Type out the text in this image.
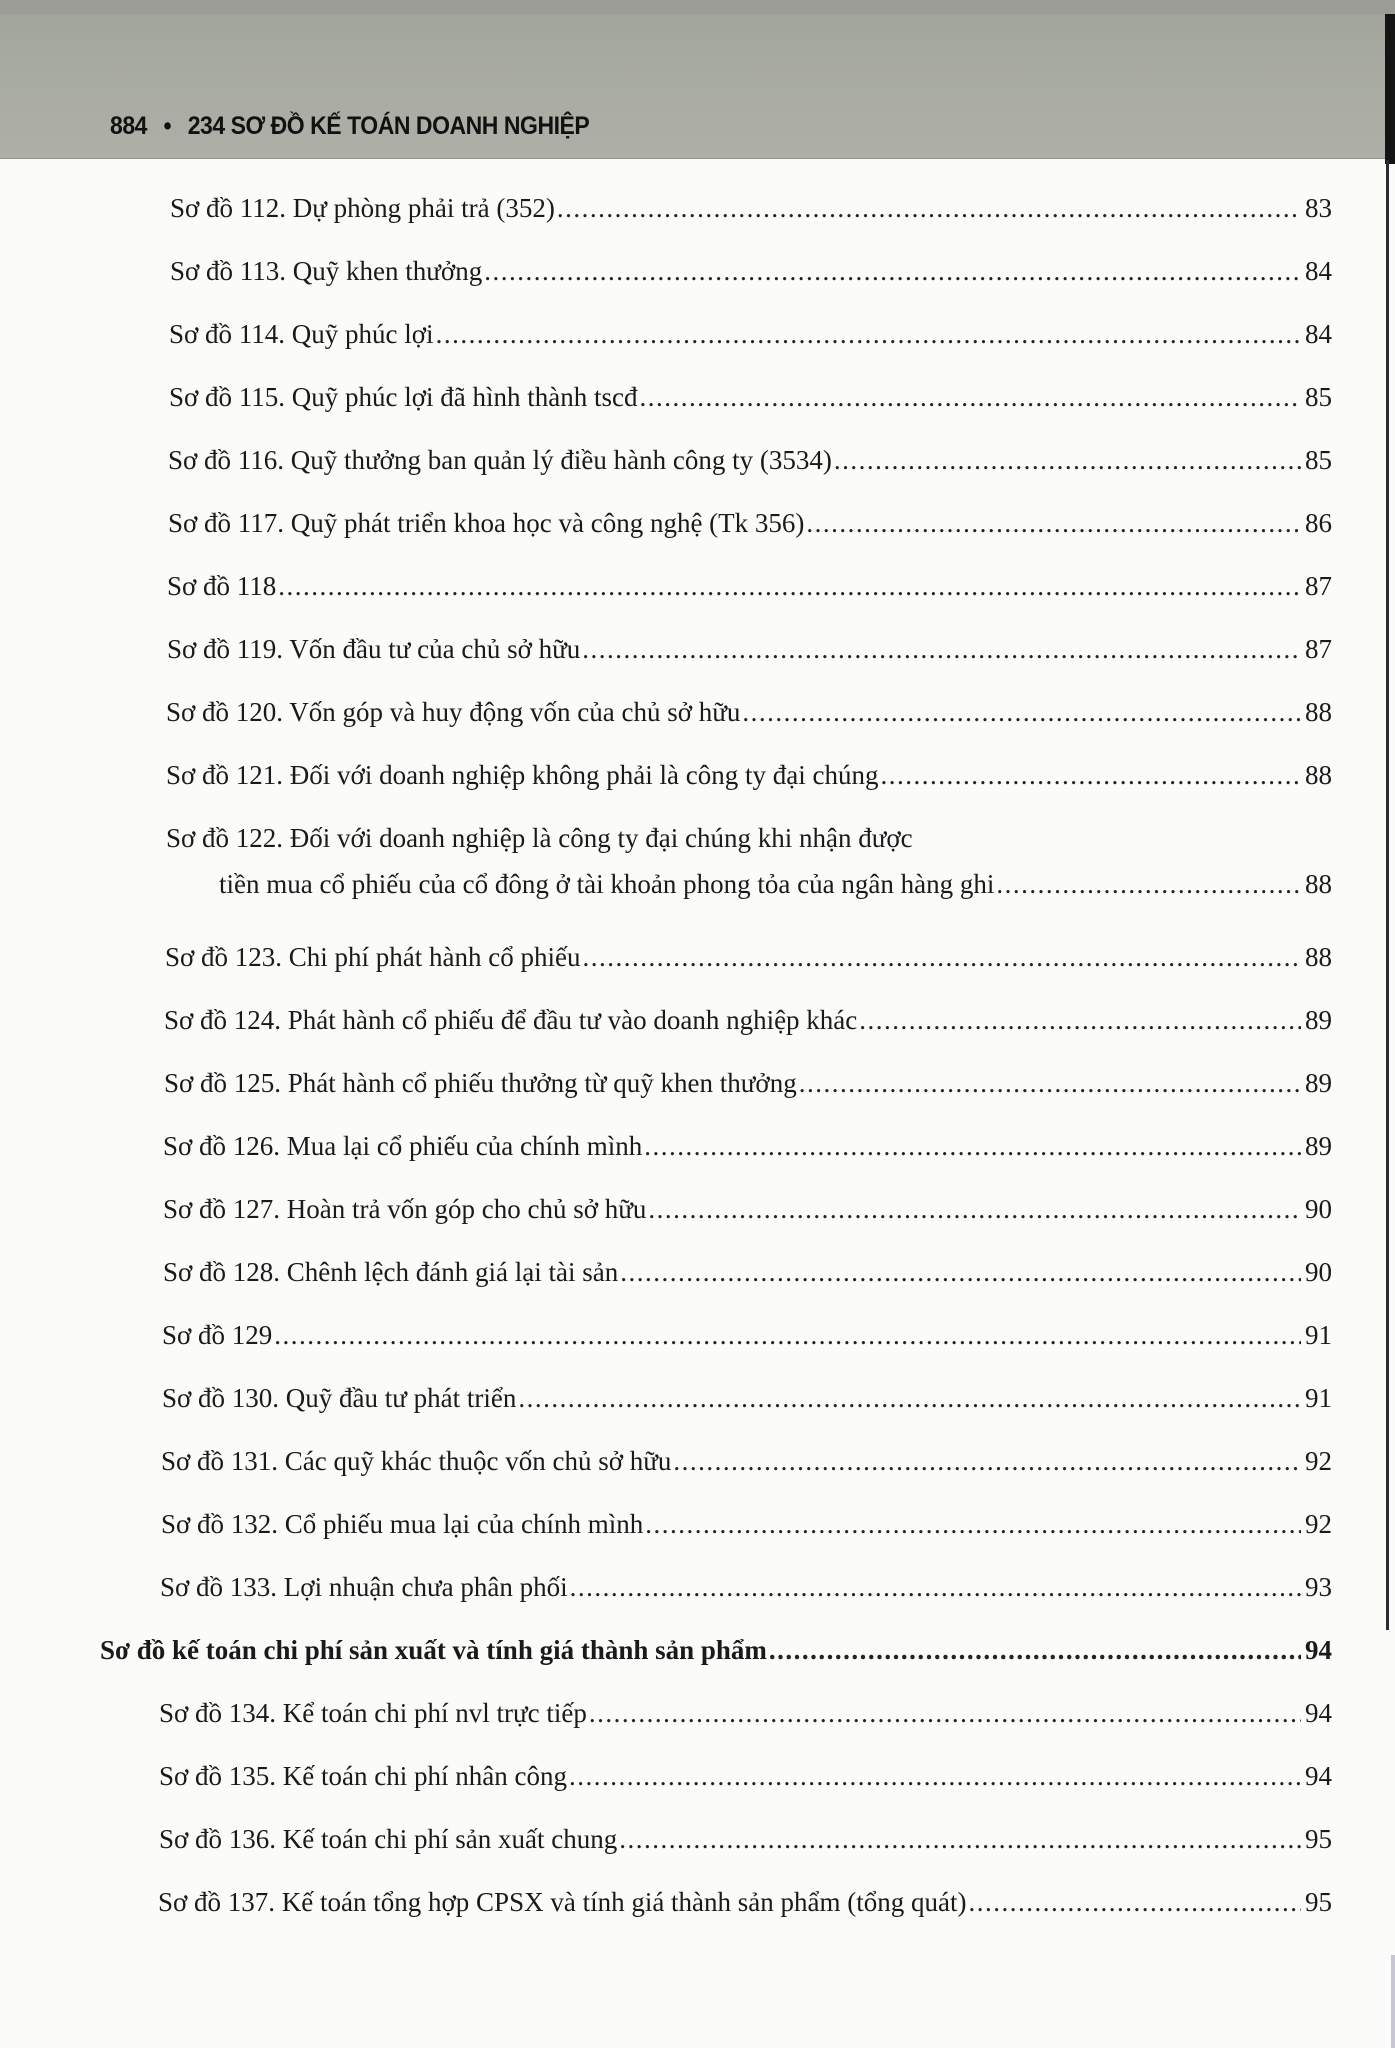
884 • 234 SƠ ĐỒ KẾ TOÁN DOANH NGHIỆP
Sơ đồ 112. Dự phòng phải trả (352) .....	83
Sơ đồ 113. Quỹ khen thưởng .....	84
Sơ đồ 114. Quỹ phúc lợi .....	84
Sơ đồ 115. Quỹ phúc lợi đã hình thành tscđ .....	85
Sơ đồ 116. Quỹ thưởng ban quản lý điều hành công ty (3534) .....	85
Sơ đồ 117. Quỹ phát triển khoa học và công nghệ (Tk 356) .....	86
Sơ đồ 118 .....	87
Sơ đồ 119. Vốn đầu tư của chủ sở hữu .....	87
Sơ đồ 120. Vốn góp và huy động vốn của chủ sở hữu .....	88
Sơ đồ 121. Đối với doanh nghiệp không phải là công ty đại chúng .....	88
Sơ đồ 122. Đối với doanh nghiệp là công ty đại chúng khi nhận được
tiền mua cổ phiếu của cổ đông ở tài khoản phong tỏa của ngân hàng ghi .....	88
Sơ đồ 123. Chi phí phát hành cổ phiếu .....	88
Sơ đồ 124. Phát hành cổ phiếu để đầu tư vào doanh nghiệp khác .....	89
Sơ đồ 125. Phát hành cổ phiếu thưởng từ quỹ khen thưởng .....	89
Sơ đồ 126. Mua lại cổ phiếu của chính mình .....	89
Sơ đồ 127. Hoàn trả vốn góp cho chủ sở hữu .....	90
Sơ đồ 128. Chênh lệch đánh giá lại tài sản .....	90
Sơ đồ 129 .....	91
Sơ đồ 130. Quỹ đầu tư phát triển .....	91
Sơ đồ 131. Các quỹ khác thuộc vốn chủ sở hữu .....	92
Sơ đồ 132. Cổ phiếu mua lại của chính mình .....	92
Sơ đồ 133. Lợi nhuận chưa phân phối .....	93
Sơ đồ kế toán chi phí sản xuất và tính giá thành sản phẩm .....	94
Sơ đồ 134. Kể toán chi phí nvl trực tiếp .....	94
Sơ đồ 135. Kế toán chi phí nhân công .....	94
Sơ đồ 136. Kế toán chi phí sản xuất chung .....	95
Sơ đồ 137. Kế toán tổng hợp CPSX và tính giá thành sản phẩm (tổng quát) .....	95
